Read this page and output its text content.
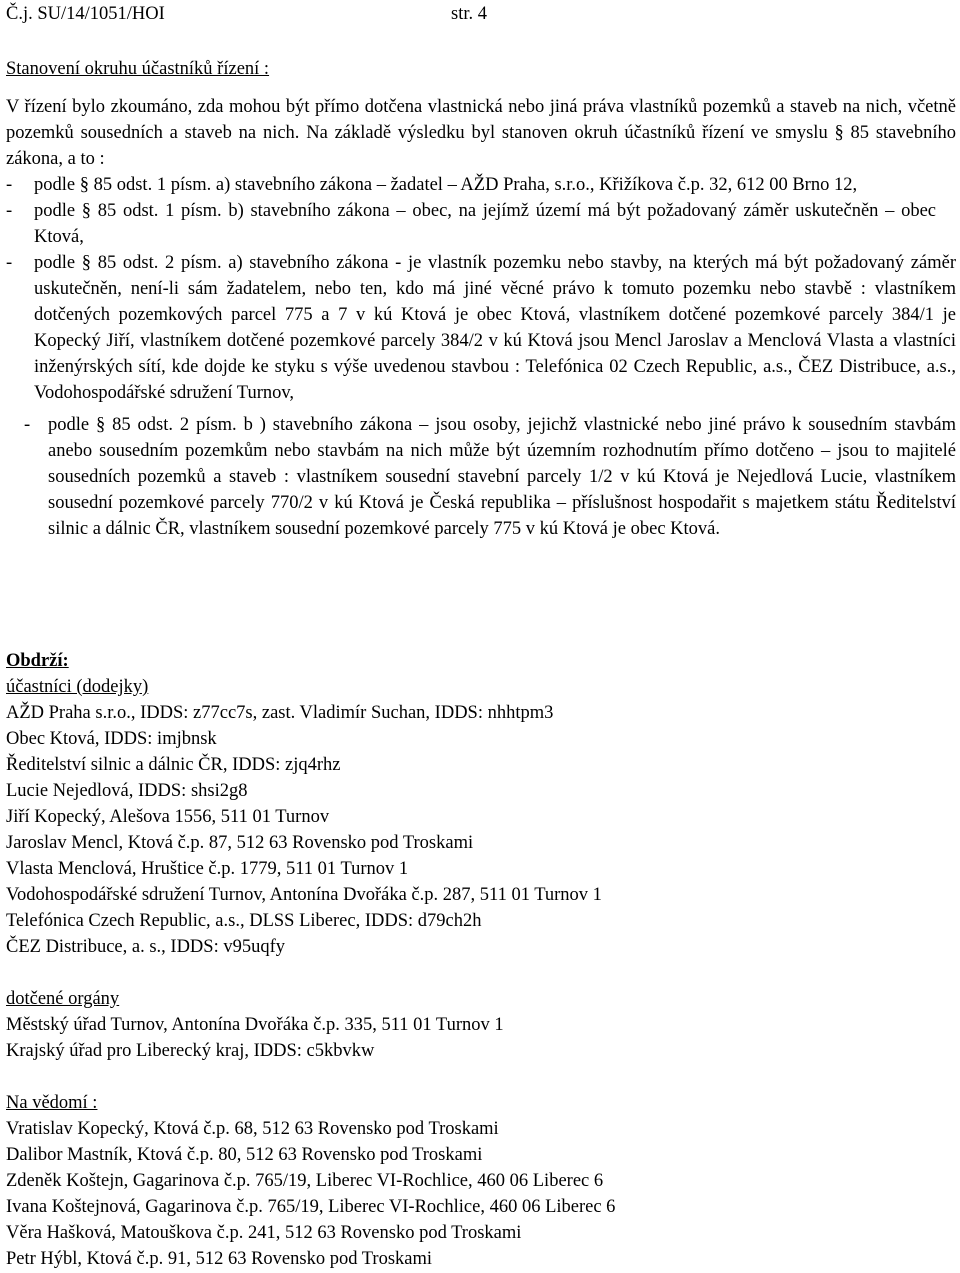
Č.j. SU/14/1051/HOI	str. 4
Stanovení okruhu účastníků řízení :

V řízení bylo zkoumáno, zda mohou být přímo dotčena vlastnická nebo jiná práva vlastníků pozemků a staveb na nich, včetně pozemků sousedních a staveb na nich. Na základě výsledku byl stanoven okruh účastníků řízení ve smyslu § 85 stavebního zákona, a to :

- podle § 85 odst. 1 písm. a) stavebního zákona – žadatel – AŽD Praha, s.r.o., Křižíkova č.p. 32, 612 00 Brno 12,
- podle § 85 odst. 1 písm. b) stavebního zákona – obec, na jejímž území má být požadovaný záměr uskutečněn – obec Ktová,
- podle § 85 odst. 2 písm. a) stavebního zákona - je vlastník pozemku nebo stavby, na kterých má být požadovaný záměr uskutečněn, není-li sám žadatelem, nebo ten, kdo má jiné věcné právo k tomuto pozemku nebo stavbě : vlastníkem dotčených pozemkových parcel 775 a 7 v kú Ktová je obec Ktová, vlastníkem dotčené pozemkové parcely 384/1 je Kopecký Jiří, vlastníkem dotčené pozemkové parcely 384/2 v kú Ktová jsou Mencl Jaroslav a Menclová Vlasta a vlastníci inženýrských sítí, kde dojde ke styku s výše uvedenou stavbou : Telefónica 02 Czech Republic, a.s., ČEZ Distribuce, a.s., Vodohospodářské sdružení Turnov,
- podle § 85 odst. 2 písm. b ) stavebního zákona – jsou osoby, jejichž vlastnické nebo jiné právo k sousedním stavbám anebo sousedním pozemkům nebo stavbám na nich může být územním rozhodnutím přímo dotčeno – jsou to majitelé sousedních pozemků a staveb : vlastníkem sousední stavební parcely 1/2 v kú Ktová je Nejedlová Lucie, vlastníkem sousední pozemkové parcely 770/2 v kú Ktová je Česká republika – příslušnost hospodařit s majetkem státu Ředitelství silnic a dálnic ČR, vlastníkem sousední pozemkové parcely 775 v kú Ktová je obec Ktová.
Obdrží:
účastníci (dodejky)
AŽD Praha s.r.o., IDDS: z77cc7s, zast. Vladimír Suchan, IDDS: nhhtpm3
Obec Ktová, IDDS: imjbnsk
Ředitelství silnic a dálnic ČR, IDDS: zjq4rhz
Lucie Nejedlová, IDDS: shsi2g8
Jiří Kopecký, Alešova 1556, 511 01 Turnov
Jaroslav Mencl, Ktová č.p. 87, 512 63 Rovensko pod Troskami
Vlasta Menclová, Hruštice č.p. 1779, 511 01 Turnov 1
Vodohospodářské sdružení Turnov, Antonína Dvořáka č.p. 287, 511 01 Turnov 1
Telefónica Czech Republic, a.s., DLSS Liberec, IDDS: d79ch2h
ČEZ Distribuce, a. s., IDDS: v95uqfy
dotčené orgány
Městský úřad Turnov, Antonína Dvořáka č.p. 335, 511 01 Turnov 1
Krajský úřad pro Liberecký kraj, IDDS: c5kbvkw
Na vědomí :
Vratislav Kopecký, Ktová č.p. 68, 512 63 Rovensko pod Troskami
Dalibor Mastník, Ktová č.p. 80, 512 63 Rovensko pod Troskami
Zdeněk Koštejn, Gagarinova č.p. 765/19, Liberec VI-Rochlice, 460 06 Liberec 6
Ivana Koštejnová, Gagarinova č.p. 765/19, Liberec VI-Rochlice, 460 06 Liberec 6
Věra Hašková, Matouškova č.p. 241, 512 63 Rovensko pod Troskami
Petr Hýbl, Ktová č.p. 91, 512 63 Rovensko pod Troskami
